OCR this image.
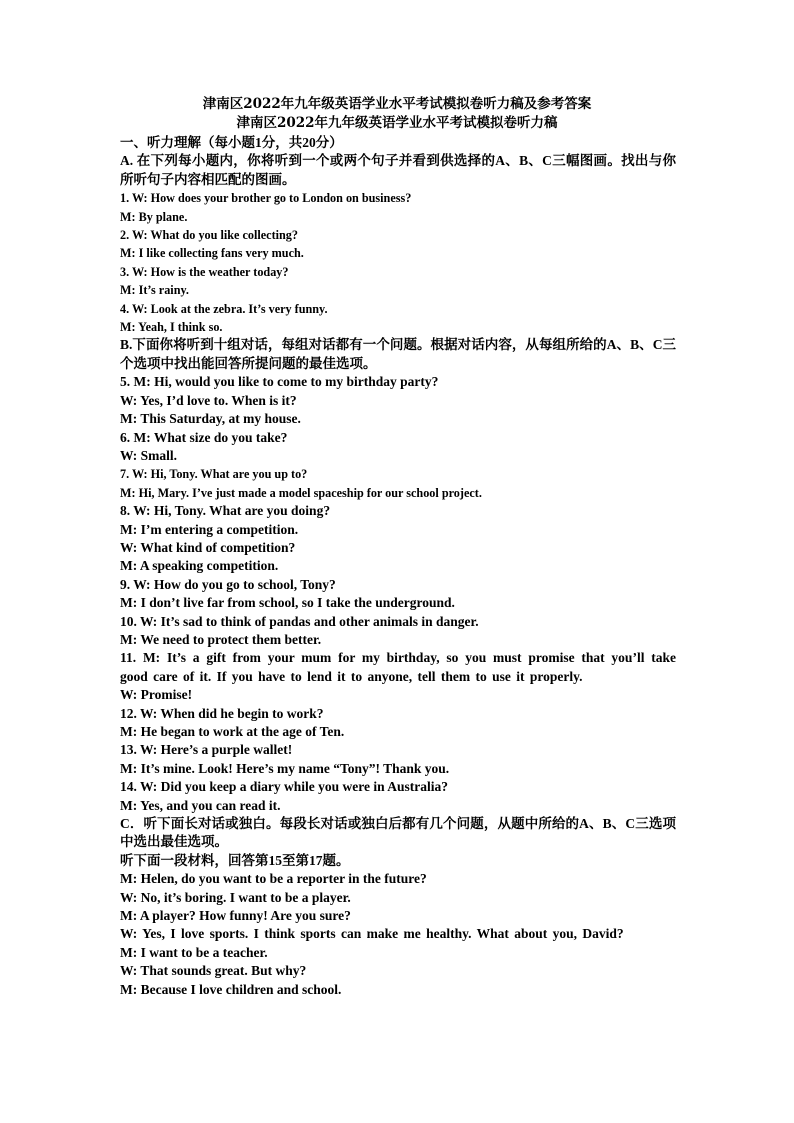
津南区2022年九年级英语学业水平考试模拟卷听力稿及参考答案
津南区2022年九年级英语学业水平考试模拟卷听力稿
一、听力理解（每小题1分，共20分）
A. 在下列每小题内，你将听到一个或两个句子并看到供选择的A、B、C三幅图画。找出与你所听句子内容相匹配的图画。
1. W: How does your brother go to London on business?
M: By plane.
2. W: What do you like collecting?
M: I like collecting fans very much.
3. W: How is the weather today?
M: It’s rainy.
4. W: Look at the zebra. It’s very funny.
M: Yeah, I think so.
B.下面你将听到十组对话，每组对话都有一个问题。根据对话内容，从每组所给的A、B、C三个选项中找出能回答所提问题的最佳选项。
5. M: Hi, would you like to come to my birthday party?
W: Yes, I’d love to. When is it?
M: This Saturday, at my house.
6. M: What size do you take?
W: Small.
7. W: Hi, Tony. What are you up to?
M: Hi, Mary. I’ve just made a model spaceship for our school project.
8. W: Hi, Tony. What are you doing?
M: I’m entering a competition.
W: What kind of competition?
M: A speaking competition.
9. W: How do you go to school, Tony?
M: I don’t live far from school, so I take the underground.
10. W: It’s sad to think of pandas and other animals in danger.
M: We need to protect them better.
11. M: It’s a gift from your mum for my birthday, so you must promise that you’ll take good care of it. If you have to lend it to anyone, tell them to use it properly.
W: Promise!
12. W: When did he begin to work?
M: He began to work at the age of Ten.
13. W: Here’s a purple wallet!
M: It’s mine. Look! Here’s my name “Tony”! Thank you.
14. W: Did you keep a diary while you were in Australia?
M: Yes, and you can read it.
C．听下面长对话或独白。每段长对话或独白后都有几个问题，从题中所给的A、B、C三选项中选出最佳选项。
听下面一段材料，回答第15至第17题。
M: Helen, do you want to be a reporter in the future?
W: No, it’s boring. I want to be a player.
M: A player? How funny! Are you sure?
W: Yes, I love sports. I think sports can make me healthy. What about you, David?
M: I want to be a teacher.
W: That sounds great. But why?
M: Because I love children and school.
